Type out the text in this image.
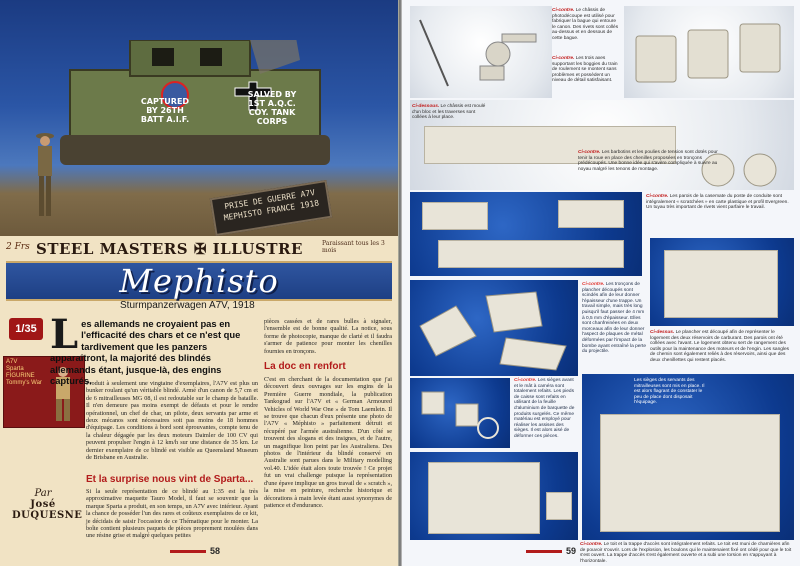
CAPTURED BY 26TH BATT A.I.F.
SALVED BY 1ST A.Q.C. COY. TANK CORPS
PRISE DE GUERRE A7V MEPHISTO FRANCE 1918
2 Frs STEEL MASTERS ✠ ILLUSTRE	Paraissant tous les 3 mois
Mephisto
Sturmpanzerwagen A7V, 1918
1/35
A7V
Sparta
FIGURINE
Tommy's War
Par
José DUQUESNE
L es allemands ne croyaient pas en l'efficacité des chars et ce n'est que tardivement que les panzers apparaîtront, la majorité des blindés allemands étant, jusque-là, des engins capturés.
Produit à seulement une vingtaine d'exemplaires, l'A7V est plus un bunker roulant qu'un véritable blindé. Armé d'un canon de 5,7 cm et de 6 mitrailleuses MG 08, il est redoutable sur le champ de bataille. Il n'en demeure pas moins exempt de défauts et pour le rendre opérationnel, un chef de char, un pilote, deux servants par arme et deux mécanos sont nécessaires soit pas moins de 18 hommes d'équipage. Les conditions à bord sont éprouvantes, compte tenu de la chaleur dégagée par les deux moteurs Daimler de 100 CV qui peuvent propulser l'engin à 12 km/h sur une distance de 35 km. Le dernier exemplaire de ce blindé est visible au Queensland Museum de Brisbane en Australie.
Et la surprise nous vint de Sparta...
Si la seule représentation de ce blindé au 1:35 est la très approximative maquette Tauro Model, il faut se souvenir que la marque Sparta a produit, en son temps, un A7V avec intérieur. Ayant la chance de posséder l'un des rares et coûteux exemplaires de ce kit, je décidais de saisir l'occasion de ce Thématique pour le monter. La boîte contient plusieurs paquets de pièces proprement moulées dans une résine grise et malgré quelques petites
pièces cassées et de rares bulles à signaler, l'ensemble est de bonne qualité. La notice, sous forme de photocopie, manque de clarté et il faudra s'armer de patience pour monter les chenilles fournies en tronçons.
La doc en renfort
C'est en cherchant de la documentation que j'ai découvert deux ouvrages sur les engins de la Première Guerre mondiale, la publication Tankograd sur l'A7V et « German Armoured Vehicles of World War One » de Tom Laemlein. Il se trouve que chacun d'eux présente une photo de l'A7V « Méphisto » parfaitement détruit et récupéré par l'armée australienne. D'un côté se trouvent des slogans et des insignes, et de l'autre, un magnifique lion peint par les Australiens. Des photos de l'intérieur du blindé conservé en Australie sont parues dans le Military modelling vol.40. L'idée était alors toute trouvée ! Ce projet fut un vrai challenge puisque la représentation d'une épave implique un gros travail de « scratch », la mise en peinture, recherche historique et décorations à main levée étant aussi synonymes de patience et d'endurance.
58
Ci-contre. Le châssis de photodécoupe est utilisé pour fabriquer la bague qui entoure le canon. Des rivets sont collés au-dessus et en dessous de cette bague.
Ci-contre. Les trois axes supportant les boggies du train de roulement se montent sans problèmes et possèdent un niveau de détail satisfaisant.
Ci-dessous. Le châssis est moulé d'un bloc et les traverses sont collées à leur place.
Ci-contre. Les barbotins et les poulies de tension sont dotés pour tenir la roue en place des chenilles proposées en tronçons prédécoupés. Une bonne idée qui s'avère compliquée à suivre au noyau malgré les tenons de montage.
Ci-contre. Les parois de la casemate du poste de conduite sont intégralement « scratchées » en carte plastique et profil Evergreen. Un tuyau très important de rivets vient parfaire le travail.
Ci-contre. Les tronçons de plancher découpés sont scindés afin de leur donner l'épaisseur d'une trappe. Un travail simple, mais très long puisqu'il faut passer de 4 mm à 0,5 mm d'épaisseur. Elles sont chanfreinées en deux morceaux afin de leur donner l'aspect de plaques de métal déformées par l'impact de la bombe ayant entraîné la perte du projectile.
Ci-dessus. Le plancher est découpé afin de représenter le logement des deux réservoirs de carburant. Des parois ont été collées avec l'avant. Le logement obtenu sert de rangement des outils pour la maintenance des moteurs et de l'engin. Les sangles de chemin sont également reliés à des réservoirs, ainsi que des deux chenillettes qui restent placés.
Ci-contre. Les sièges avant et le mât à caméra sont totalement refaits. Les pieds de caisse sont refaits en utilisant de la feuille d'aluminium de barquette de produits surgelés. Ce même matériau est employé pour réaliser les assises des sièges. Il est alors aisé de déformer ces pièces.
Les sièges des servants des mitrailleuses sont mis en place. Il est alors flagrant de constater le peu de place dont disposait l'équipage.
Ci-contre. Le toit et la trappe d'accès sont intégralement refaits. Le toit est muni de charnières afin de pouvoir s'ouvrir. Lors de l'explosion, les boulons qui le maintenaient fixé ont cédé pour que le toit s'est ouvert. La trappe d'accès s'est également ouverte et a subi une torsion en s'appuyant à l'horizontale.
59
